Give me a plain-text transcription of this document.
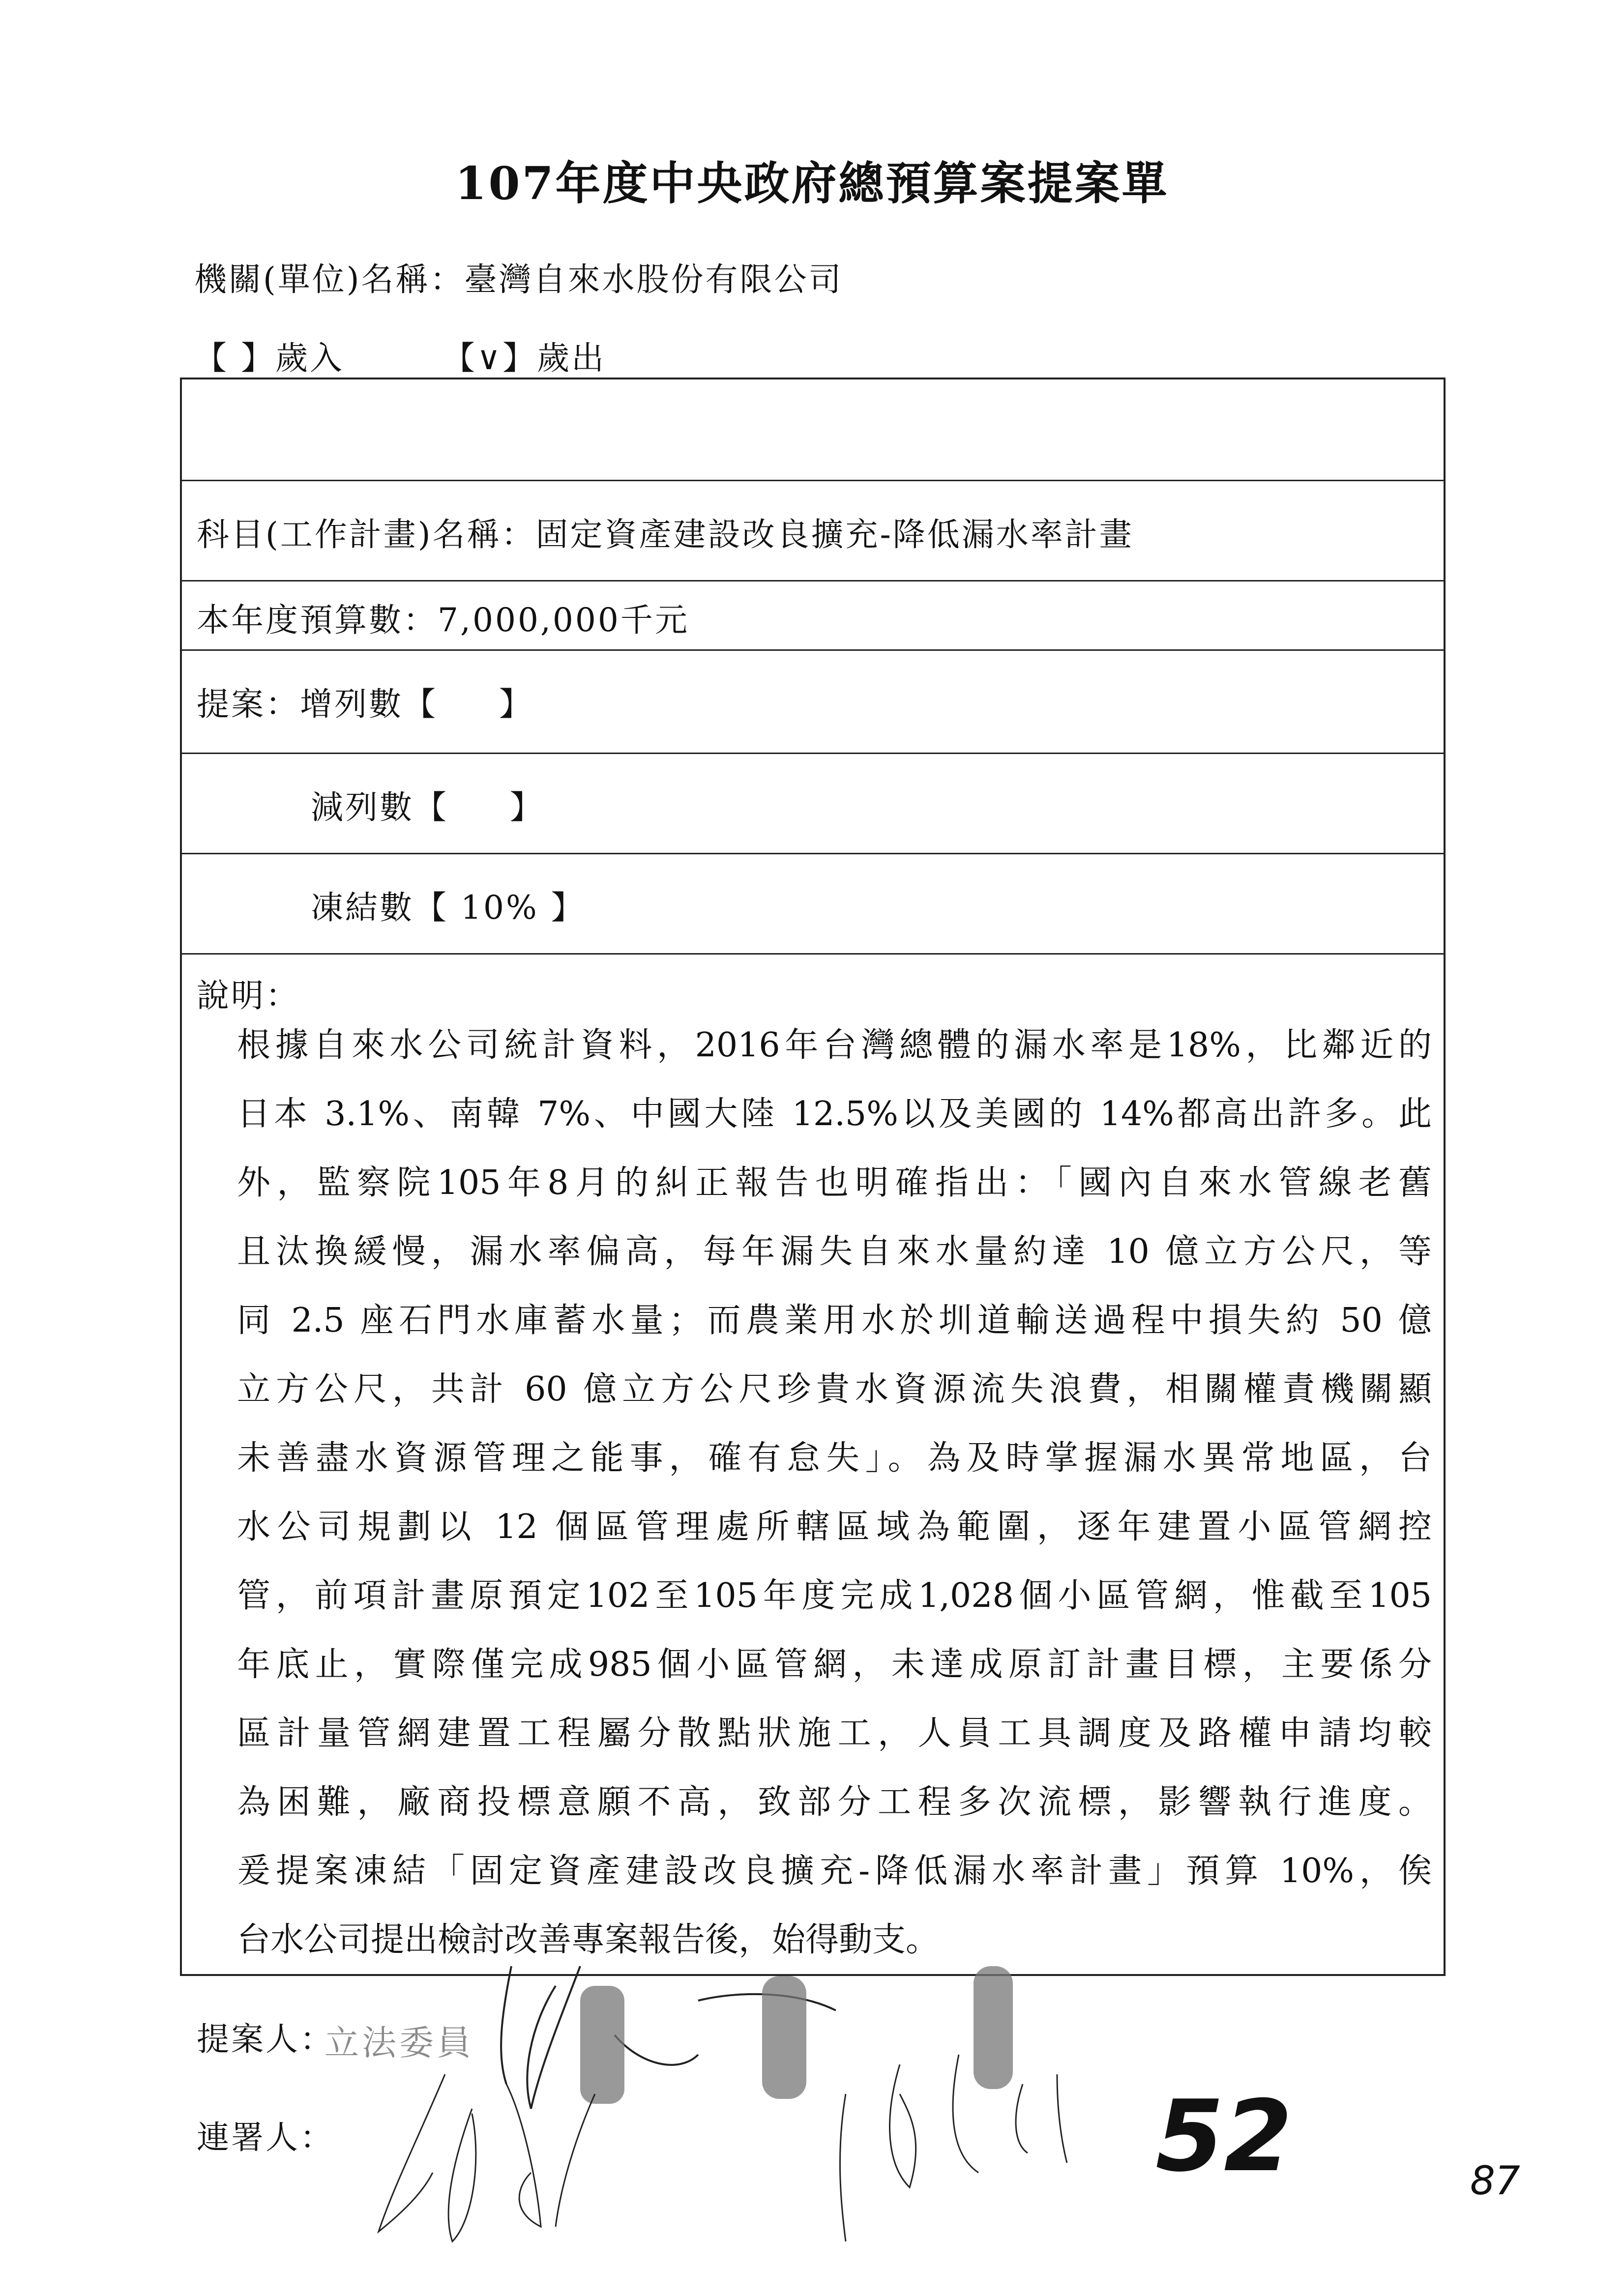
107年度中央政府總預算案提案單
機關(單位)名稱：臺灣自來水股份有限公司
【 】歲入	【∨】歲出
科目(工作計畫)名稱：固定資產建設改良擴充-降低漏水率計畫
本年度預算數：7,000,000千元
提案：增列數【     】
減列數【     】
凍結數【 10% 】
說明：
根據自來水公司統計資料，2016年台灣總體的漏水率是18%，比鄰近的
日本 3.1%、南韓 7%、中國大陸 12.5%以及美國的 14%都高出許多。此
外，監察院105年8月的糾正報告也明確指出：「國內自來水管線老舊
且汰換緩慢，漏水率偏高，每年漏失自來水量約達 10 億立方公尺，等
同 2.5 座石門水庫蓄水量；而農業用水於圳道輸送過程中損失約 50 億
立方公尺，共計 60 億立方公尺珍貴水資源流失浪費，相關權責機關顯
未善盡水資源管理之能事，確有怠失」。為及時掌握漏水異常地區，台
水公司規劃以 12 個區管理處所轄區域為範圍，逐年建置小區管網控
管，前項計畫原預定102至105年度完成1,028個小區管網，惟截至105
年底止，實際僅完成985個小區管網，未達成原訂計畫目標，主要係分
區計量管網建置工程屬分散點狀施工，人員工具調度及路權申請均較
為困難，廠商投標意願不高，致部分工程多次流標，影響執行進度。
爰提案凍結「固定資產建設改良擴充-降低漏水率計畫」預算 10%，俟
台水公司提出檢討改善專案報告後，始得動支。
提案人：
立法委員
連署人：	52	87
